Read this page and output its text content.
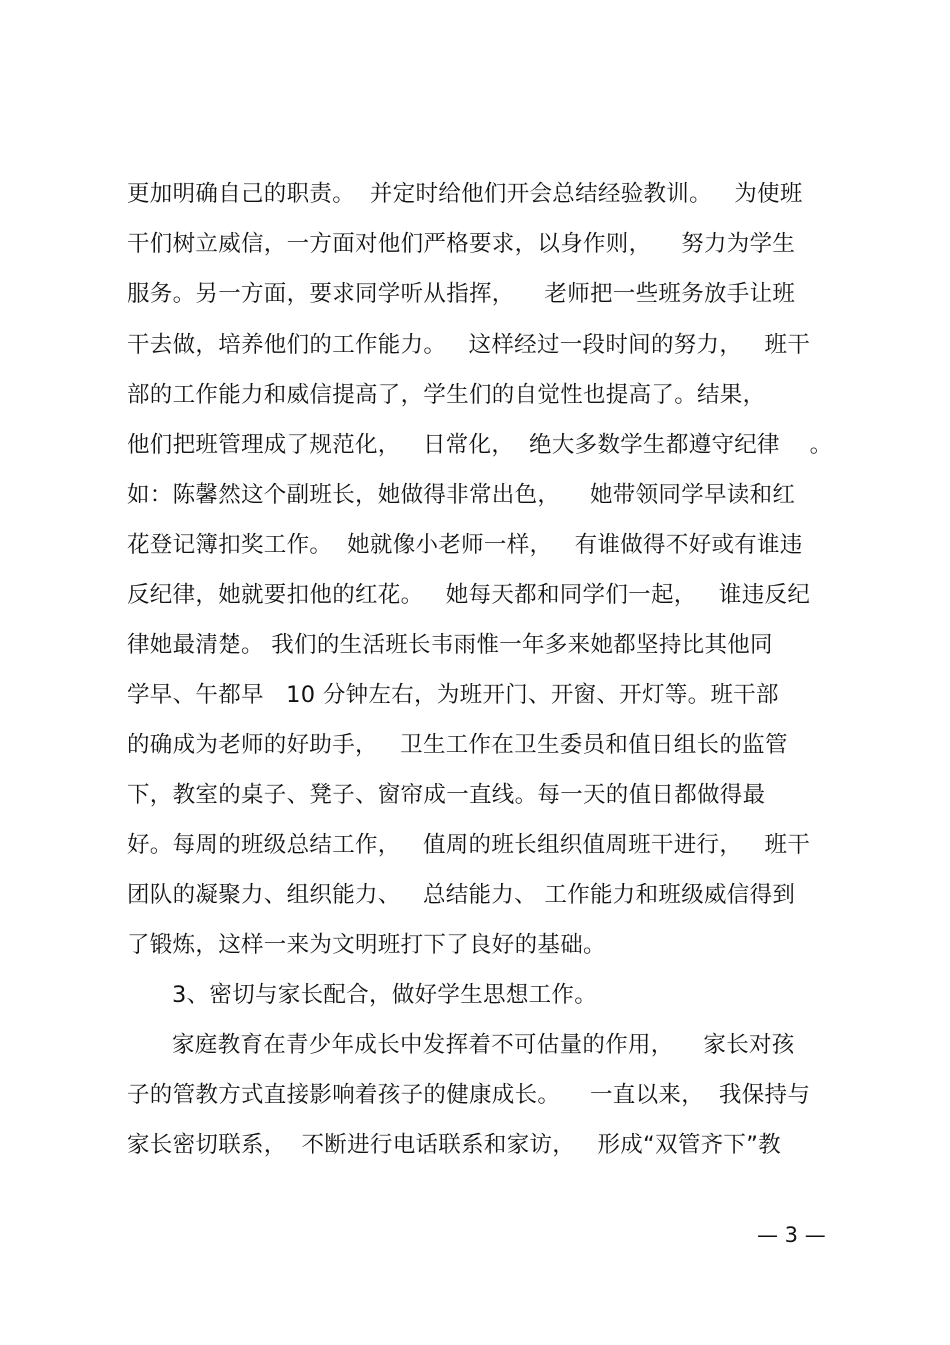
更加明确自己的职责。  并定时给他们开会总结经验教训。   为使班
干们树立威信，一方面对他们严格要求，以身作则，    努力为学生
服务。另一方面，要求同学听从指挥，    老师把一些班务放手让班
干去做，培养他们的工作能力。   这样经过一段时间的努力，   班干
部的工作能力和威信提高了，学生们的自觉性也提高了。结果，
他们把班管理成了规范化，   日常化，  绝大多数学生都遵守纪律    。
如：陈馨然这个副班长，她做得非常出色，    她带领同学早读和红
花登记簿扣奖工作。  她就像小老师一样，   有谁做得不好或有谁违
反纪律，她就要扣他的红花。   她每天都和同学们一起，   谁违反纪
律她最清楚。 我们的生活班长韦雨惟一年多来她都坚持比其他同
学早、午都早   10 分钟左右，为班开门、开窗、开灯等。班干部
的确成为老师的好助手，   卫生工作在卫生委员和值日组长的监管
下，教室的桌子、凳子、窗帘成一直线。每一天的值日都做得最
好。每周的班级总结工作，   值周的班长组织值周班干进行，   班干
团队的凝聚力、组织能力、   总结能力、 工作能力和班级威信得到
了锻炼，这样一来为文明班打下了良好的基础。
3、密切与家长配合，做好学生思想工作。
家庭教育在青少年成长中发挥着不可估量的作用，    家长对孩
子的管教方式直接影响着孩子的健康成长。    一直以来，  我保持与
家长密切联系，  不断进行电话联系和家访，   形成“双管齐下”教
— 3 —
